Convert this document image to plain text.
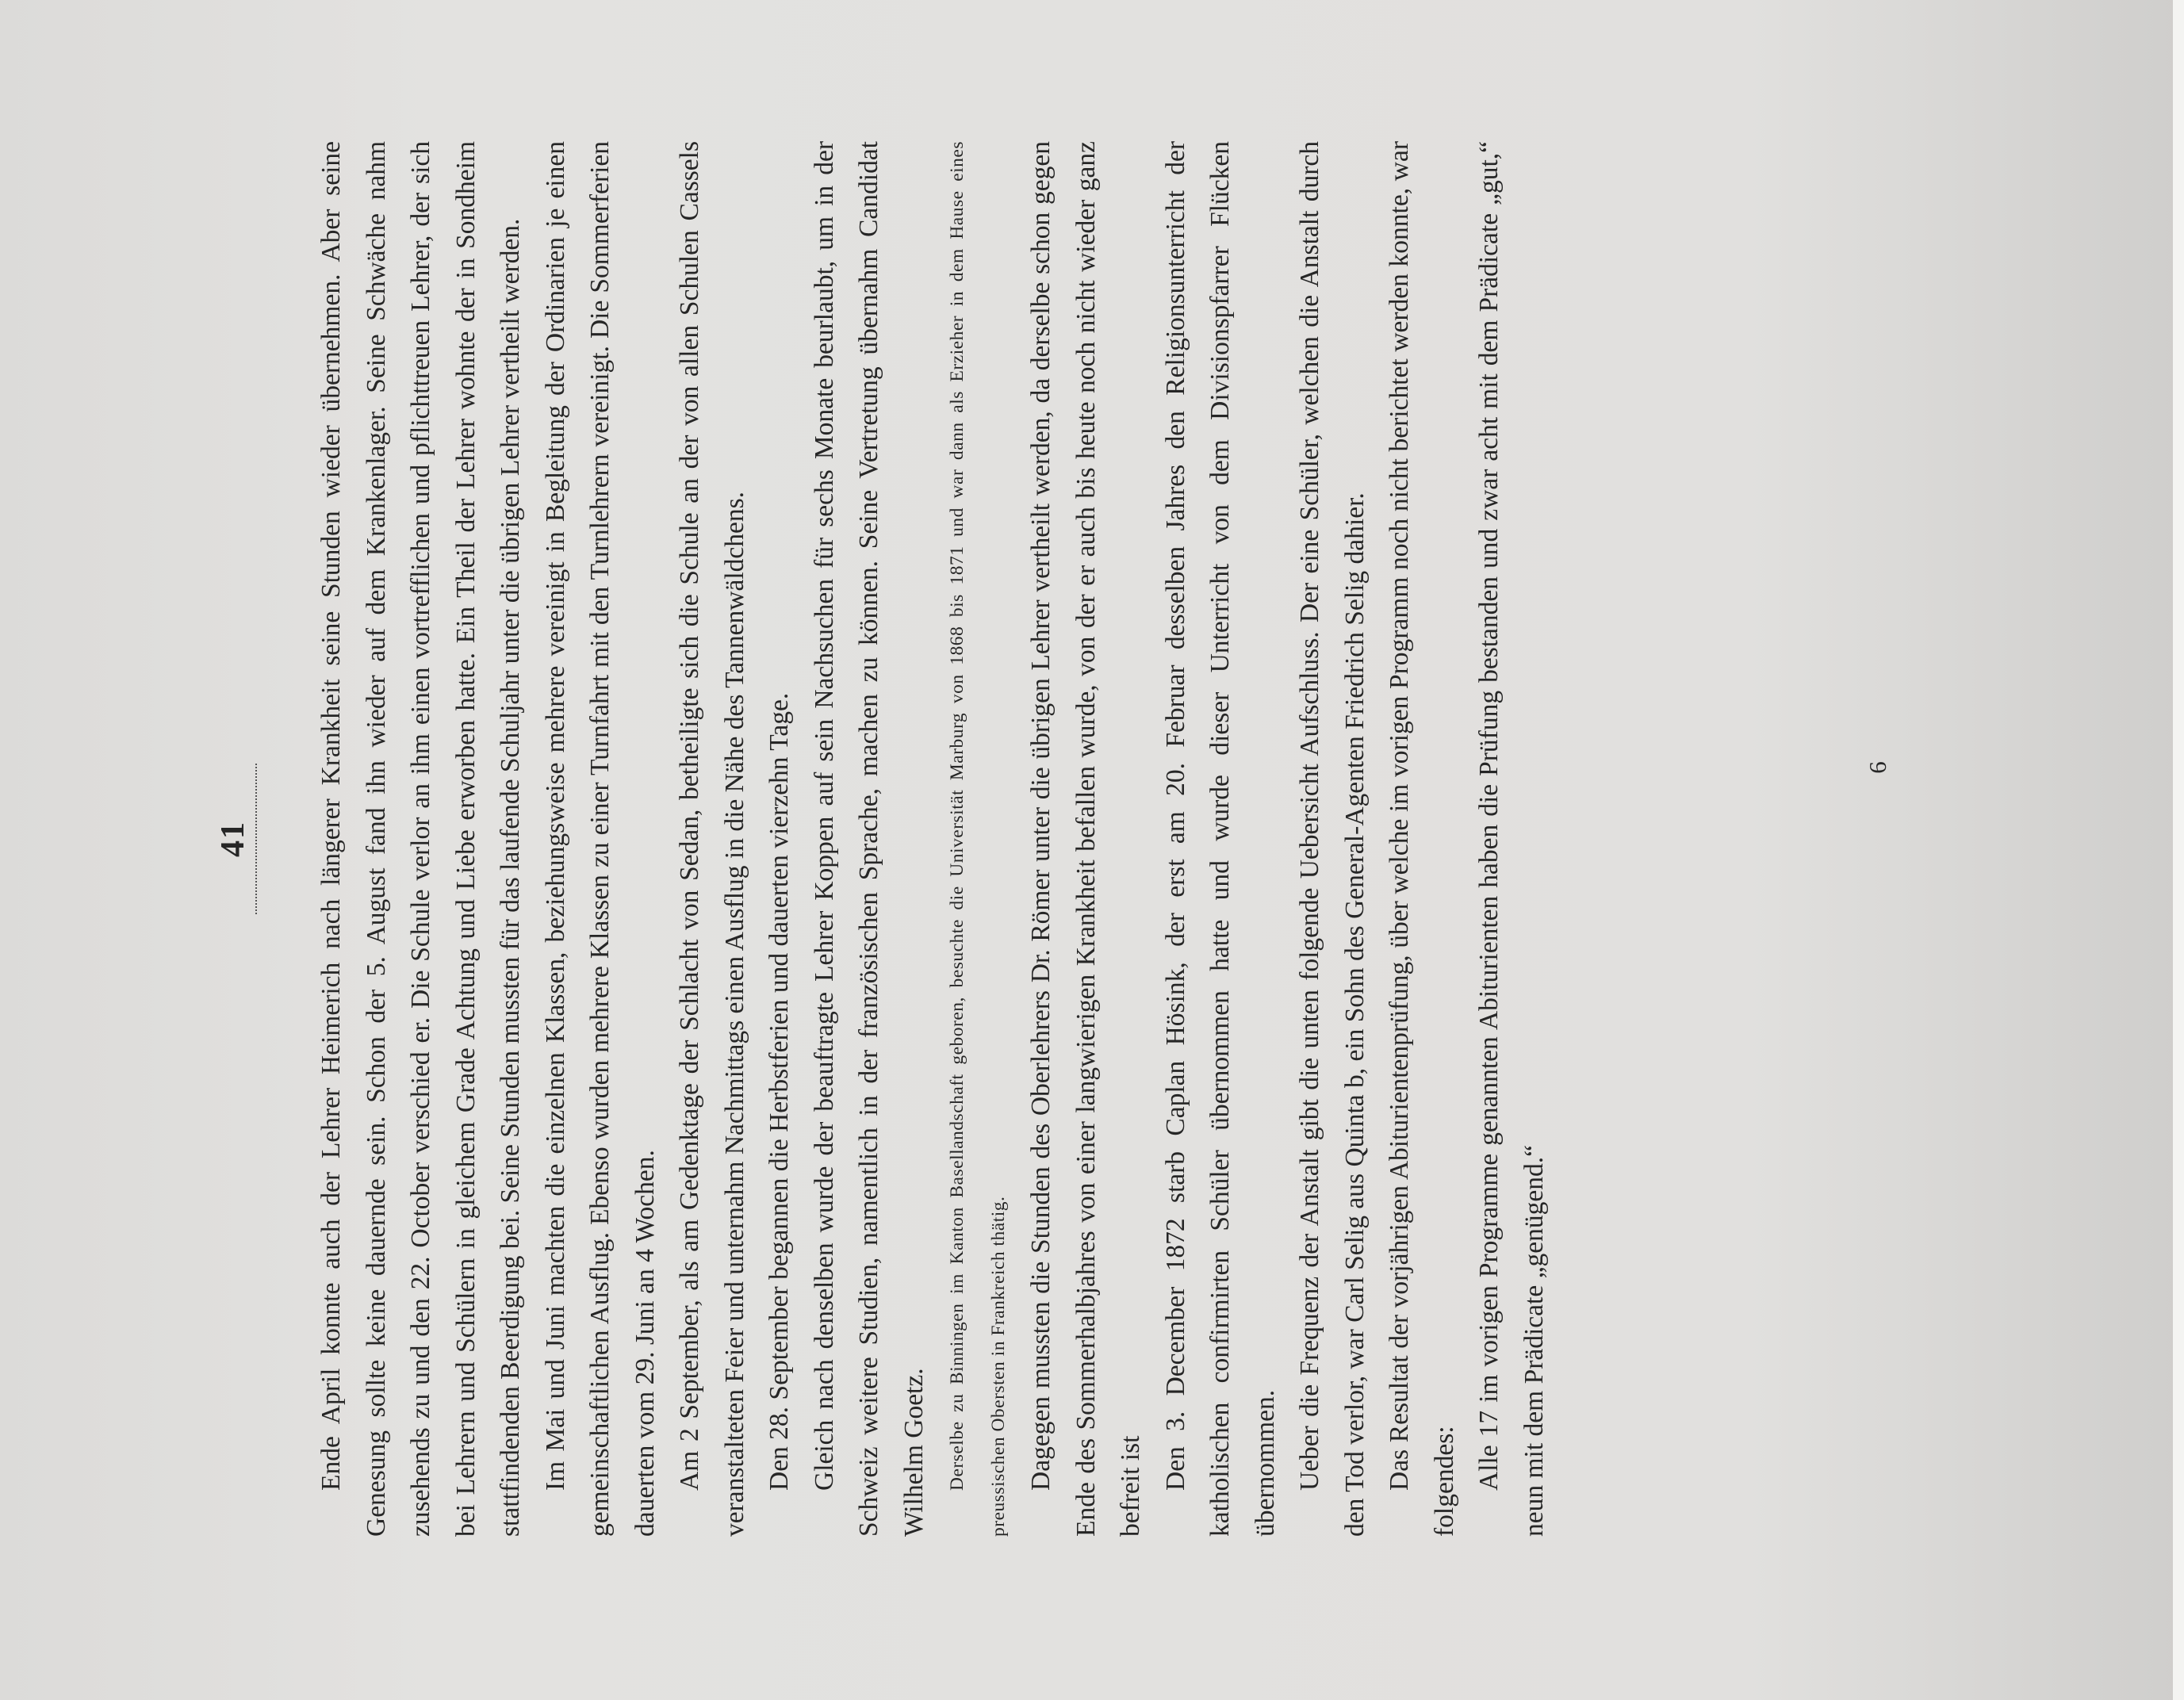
41 Ende April konnte auch der Lehrer Heimerich nach längerer Krankheit seine Stunden wieder übernehmen. Aber seine Genesung sollte keine dauernde sein. Schon der 5. August fand ihn wieder auf dem Krankenlager. Seine Schwäche nahm zusehends zu und den 22. October verschied er. Die Schule verlor an ihm einen vortrefflichen und pflichttreuen Lehrer, der sich bei Lehrern und Schülern in gleichem Grade Achtung und Liebe erworben hatte. Ein Theil der Lehrer wohnte der in Sondheim stattfindenden Beerdigung bei. Seine Stunden mussten für das laufende Schuljahr unter die übrigen Lehrer vertheilt werden. Im Mai und Juni machten die einzelnen Klassen, beziehungsweise mehrere vereinigt in Begleitung der Ordinarien je einen gemeinschaftlichen Ausflug. Ebenso wurden mehrere Klassen zu einer Turnfahrt mit den Turnlehrern vereinigt. Die Sommerferien dauerten vom 29. Juni an 4 Wochen. Am 2 September, als am Gedenktage der Schlacht von Sedan, betheiligte sich die Schule an der von allen Schulen Cassels veranstalteten Feier und unternahm Nachmittags einen Ausflug in die Nähe des Tannenwäldchens. Den 28. September begannen die Herbstferien und dauerten vierzehn Tage. Gleich nach denselben wurde der beauftragte Lehrer Koppen auf sein Nachsuchen für sechs Monate beurlaubt, um in der Schweiz weitere Studien, namentlich in der französischen Sprache, machen zu können. Seine Vertretung übernahm Candidat Wilhelm Goetz.	Derselbe zu Binningen im Kanton Basellandschaft geboren, besuchte die Universität Marburg von 1868 bis 1871 und war dann als Erzieher in dem Hause eines preussischen Obersten in Frankreich thätig. Dagegen mussten die Stunden des Oberlehrers Dr. Römer unter die übrigen Lehrer vertheilt werden, da derselbe schon gegen Ende des Sommerhalbjahres von einer langwierigen Krankheit befallen wurde, von der er auch bis heute noch nicht wieder ganz befreit ist Den 3. December 1872 starb Caplan Hösink, der erst am 20. Februar desselben Jahres den Religionsunterricht der katholischen confirmirten Schüler übernommen hatte und wurde dieser Unterricht von dem Divisionspfarrer Flücken übernommen. Ueber die Frequenz der Anstalt gibt die unten folgende Uebersicht Aufschluss. Der eine Schüler, welchen die Anstalt durch den Tod verlor, war Carl Selig aus Quinta b, ein Sohn des General-Agenten Friedrich Selig dahier. Das Resultat der vorjährigen Abiturientenprüfung, über welche im vorigen Programm noch nicht berichtet werden konnte, war folgendes: Alle 17 im vorigen Programme genannten Abiturienten haben die Prüfung bestanden und zwar acht mit dem Prädicate „gut,“ neun mit dem Prädicate „genügend.“

6
